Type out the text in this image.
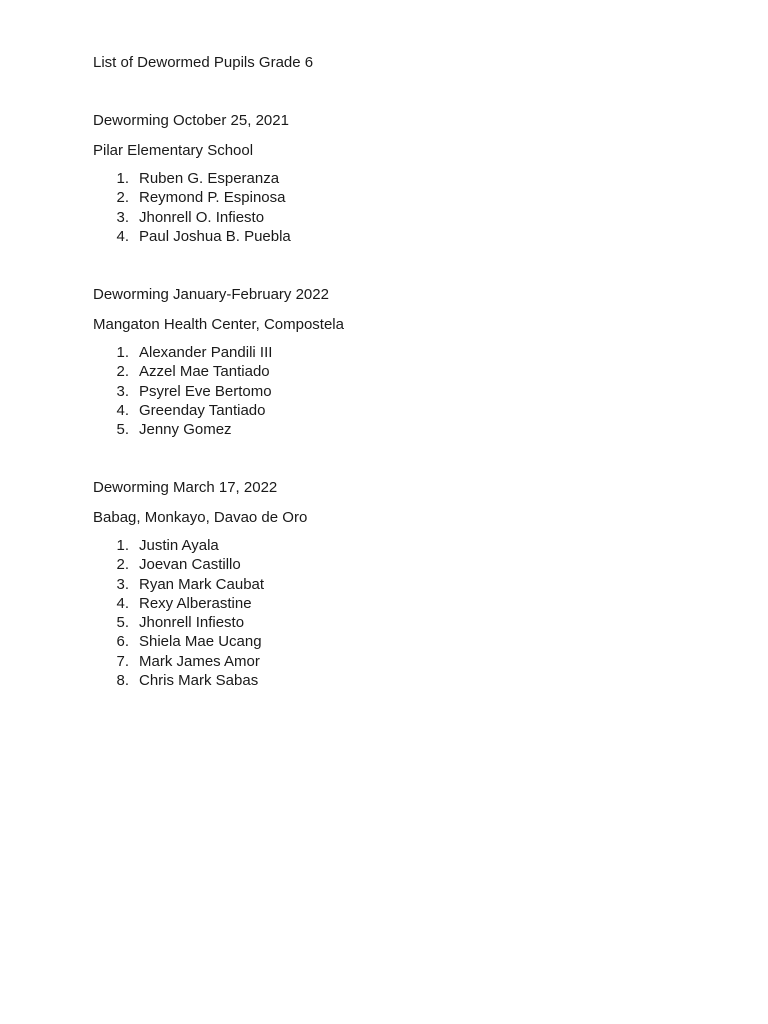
List of Dewormed Pupils Grade 6
Deworming October 25, 2021
Pilar Elementary School
1. Ruben G. Esperanza
2. Reymond P. Espinosa
3. Jhonrell O. Infiesto
4. Paul Joshua B. Puebla
Deworming January-February 2022
Mangaton Health Center, Compostela
1. Alexander Pandili III
2. Azzel Mae Tantiado
3. Psyrel Eve Bertomo
4. Greenday Tantiado
5. Jenny Gomez
Deworming March 17, 2022
Babag, Monkayo, Davao de Oro
1. Justin Ayala
2. Joevan Castillo
3. Ryan Mark Caubat
4. Rexy Alberastine
5. Jhonrell Infiesto
6. Shiela Mae Ucang
7. Mark James Amor
8. Chris Mark Sabas
